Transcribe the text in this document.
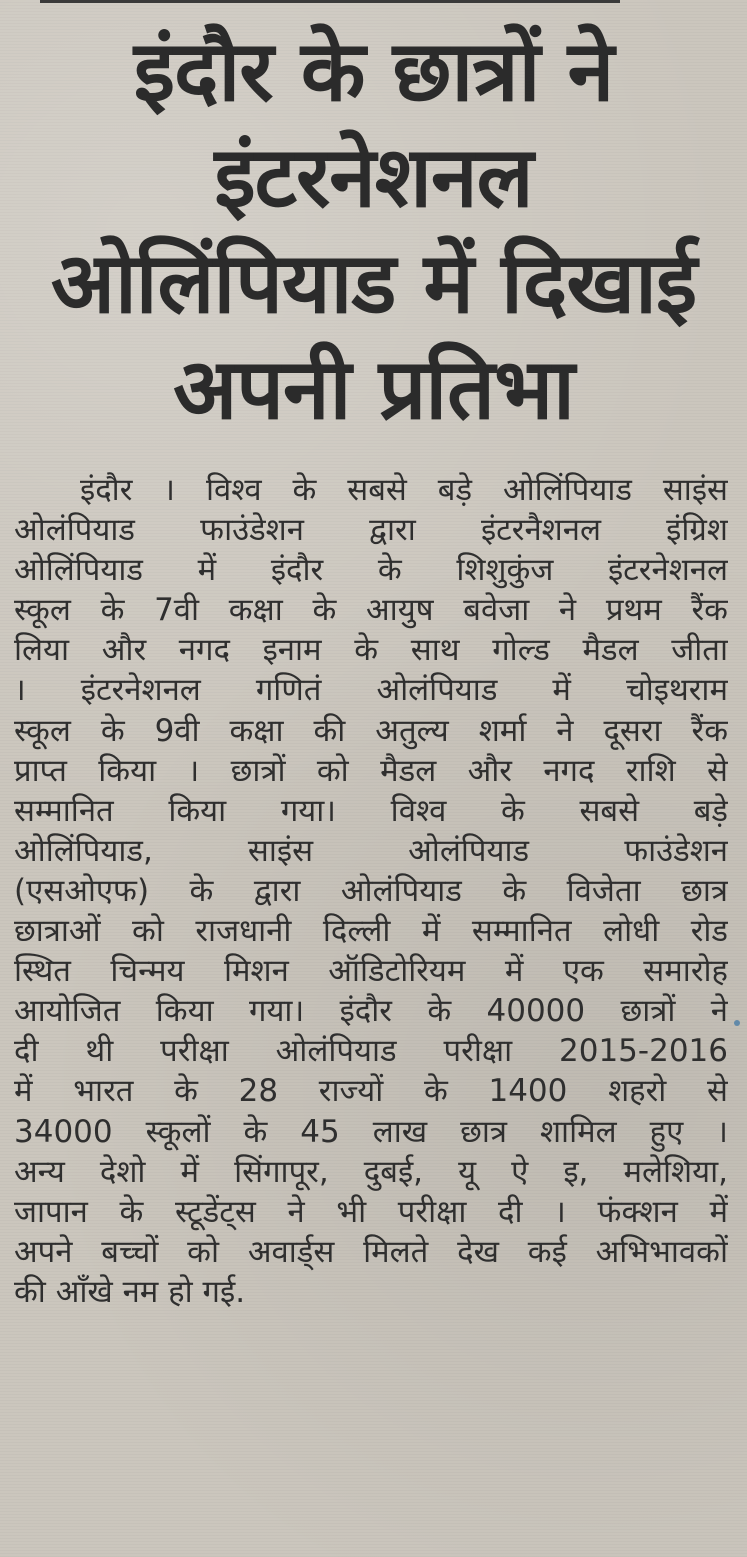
इंदौर के छात्रों ने
इंटरनेशनल
ओलिंपियाड में दिखाई
अपनी प्रतिभा
इंदौर । विश्व के सबसे बड़े ओलिंपियाड साइंस
ओलंपियाड फाउंडेशन द्वारा इंटरनैशनल इंग्रिश
ओलिंपियाड में इंदौर के शिशुकुंज इंटरनेशनल
स्कूल के 7वी कक्षा के आयुष बवेजा ने प्रथम रैंक
लिया और नगद इनाम के साथ गोल्ड मैडल जीता
। इंटरनेशनल गणितं ओलंपियाड में चोइथराम
स्कूल के 9वी कक्षा की अतुल्य शर्मा ने दूसरा रैंक
प्राप्त किया । छात्रों को मैडल और नगद राशि से
सम्मानित किया गया। विश्व के सबसे बड़े
ओलिंपियाड, साइंस ओलंपियाड फाउंडेशन
(एसओएफ) के द्वारा ओलंपियाड के विजेता छात्र
छात्राओं को राजधानी दिल्ली में सम्मानित लोधी रोड
स्थित चिन्मय मिशन ऑडिटोरियम में एक समारोह
आयोजित किया गया। इंदौर के 40000 छात्रों ने
दी थी परीक्षा ओलंपियाड परीक्षा 2015-2016
में भारत के 28 राज्यों के 1400 शहरो से
34000 स्कूलों के 45 लाख छात्र शामिल हुए ।
अन्य देशो में सिंगापूर, दुबई, यू ऐ इ, मलेशिया,
जापान के स्टूडेंट्स ने भी परीक्षा दी । फंक्शन में
अपने बच्चों को अवार्ड्स मिलते देख कई अभिभावकों
की आँखे नम हो गई.
